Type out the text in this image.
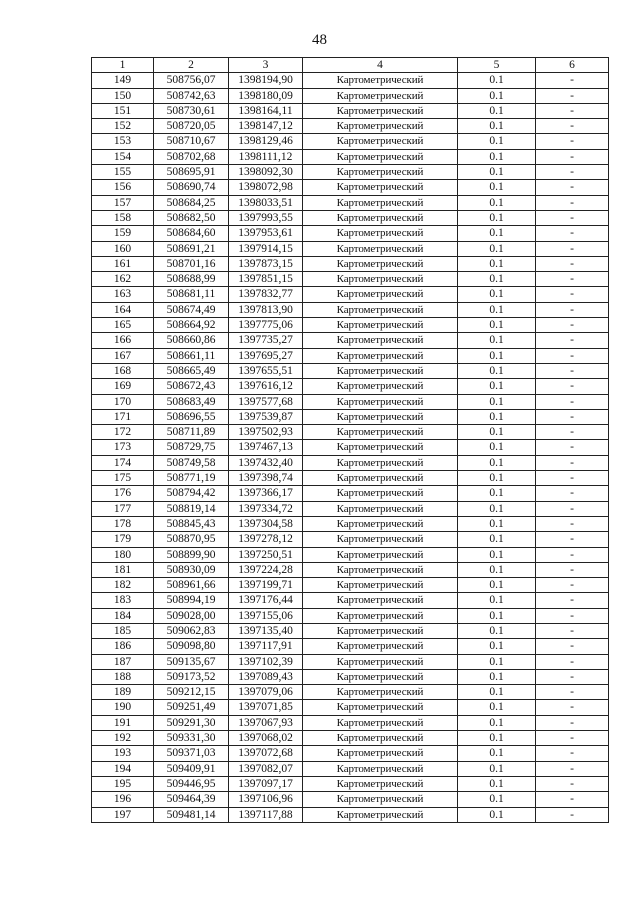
48
1	2	3	4	5	6
149	508756,07	1398194,90	Картометрический	0.1	-
150	508742,63	1398180,09	Картометрический	0.1	-
151	508730,61	1398164,11	Картометрический	0.1	-
152	508720,05	1398147,12	Картометрический	0.1	-
153	508710,67	1398129,46	Картометрический	0.1	-
154	508702,68	1398111,12	Картометрический	0.1	-
155	508695,91	1398092,30	Картометрический	0.1	-
156	508690,74	1398072,98	Картометрический	0.1	-
157	508684,25	1398033,51	Картометрический	0.1	-
158	508682,50	1397993,55	Картометрический	0.1	-
159	508684,60	1397953,61	Картометрический	0.1	-
160	508691,21	1397914,15	Картометрический	0.1	-
161	508701,16	1397873,15	Картометрический	0.1	-
162	508688,99	1397851,15	Картометрический	0.1	-
163	508681,11	1397832,77	Картометрический	0.1	-
164	508674,49	1397813,90	Картометрический	0.1	-
165	508664,92	1397775,06	Картометрический	0.1	-
166	508660,86	1397735,27	Картометрический	0.1	-
167	508661,11	1397695,27	Картометрический	0.1	-
168	508665,49	1397655,51	Картометрический	0.1	-
169	508672,43	1397616,12	Картометрический	0.1	-
170	508683,49	1397577,68	Картометрический	0.1	-
171	508696,55	1397539,87	Картометрический	0.1	-
172	508711,89	1397502,93	Картометрический	0.1	-
173	508729,75	1397467,13	Картометрический	0.1	-
174	508749,58	1397432,40	Картометрический	0.1	-
175	508771,19	1397398,74	Картометрический	0.1	-
176	508794,42	1397366,17	Картометрический	0.1	-
177	508819,14	1397334,72	Картометрический	0.1	-
178	508845,43	1397304,58	Картометрический	0.1	-
179	508870,95	1397278,12	Картометрический	0.1	-
180	508899,90	1397250,51	Картометрический	0.1	-
181	508930,09	1397224,28	Картометрический	0.1	-
182	508961,66	1397199,71	Картометрический	0.1	-
183	508994,19	1397176,44	Картометрический	0.1	-
184	509028,00	1397155,06	Картометрический	0.1	-
185	509062,83	1397135,40	Картометрический	0.1	-
186	509098,80	1397117,91	Картометрический	0.1	-
187	509135,67	1397102,39	Картометрический	0.1	-
188	509173,52	1397089,43	Картометрический	0.1	-
189	509212,15	1397079,06	Картометрический	0.1	-
190	509251,49	1397071,85	Картометрический	0.1	-
191	509291,30	1397067,93	Картометрический	0.1	-
192	509331,30	1397068,02	Картометрический	0.1	-
193	509371,03	1397072,68	Картометрический	0.1	-
194	509409,91	1397082,07	Картометрический	0.1	-
195	509446,95	1397097,17	Картометрический	0.1	-
196	509464,39	1397106,96	Картометрический	0.1	-
197	509481,14	1397117,88	Картометрический	0.1	-
